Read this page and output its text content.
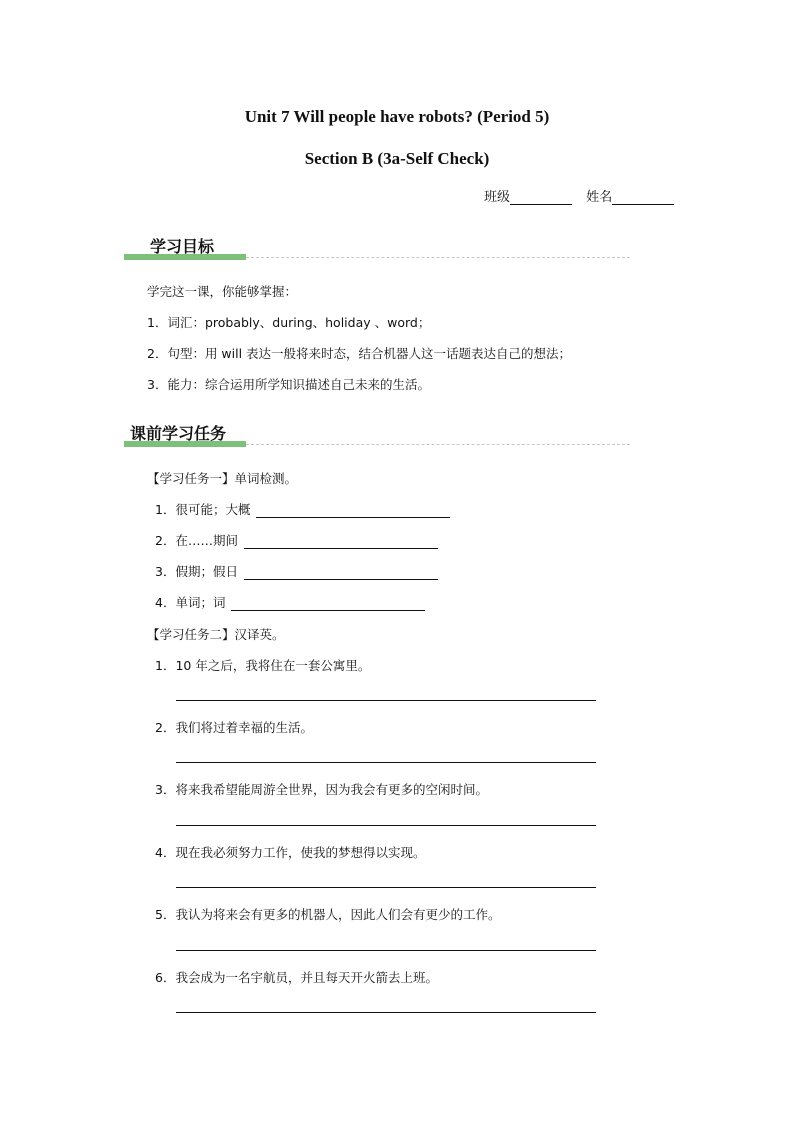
Unit 7 Will people have robots? (Period 5)
Section B (3a-Self Check)
班级	姓名
学习目标
学完这一课，你能够掌握：
1．词汇：probably、during、holiday 、word；
2．句型：用 will 表达一般将来时态，结合机器人这一话题表达自己的想法；
3．能力：综合运用所学知识描述自己未来的生活。
课前学习任务
【学习任务一】单词检测。
1．很可能；大概
2．在……期间
3．假期；假日
4．单词；词
【学习任务二】汉译英。
1．10 年之后，我将住在一套公寓里。
2．我们将过着幸福的生活。
3．将来我希望能周游全世界，因为我会有更多的空闲时间。
4．现在我必须努力工作，使我的梦想得以实现。
5．我认为将来会有更多的机器人，因此人们会有更少的工作。
6．我会成为一名宇航员，并且每天开火箭去上班。
